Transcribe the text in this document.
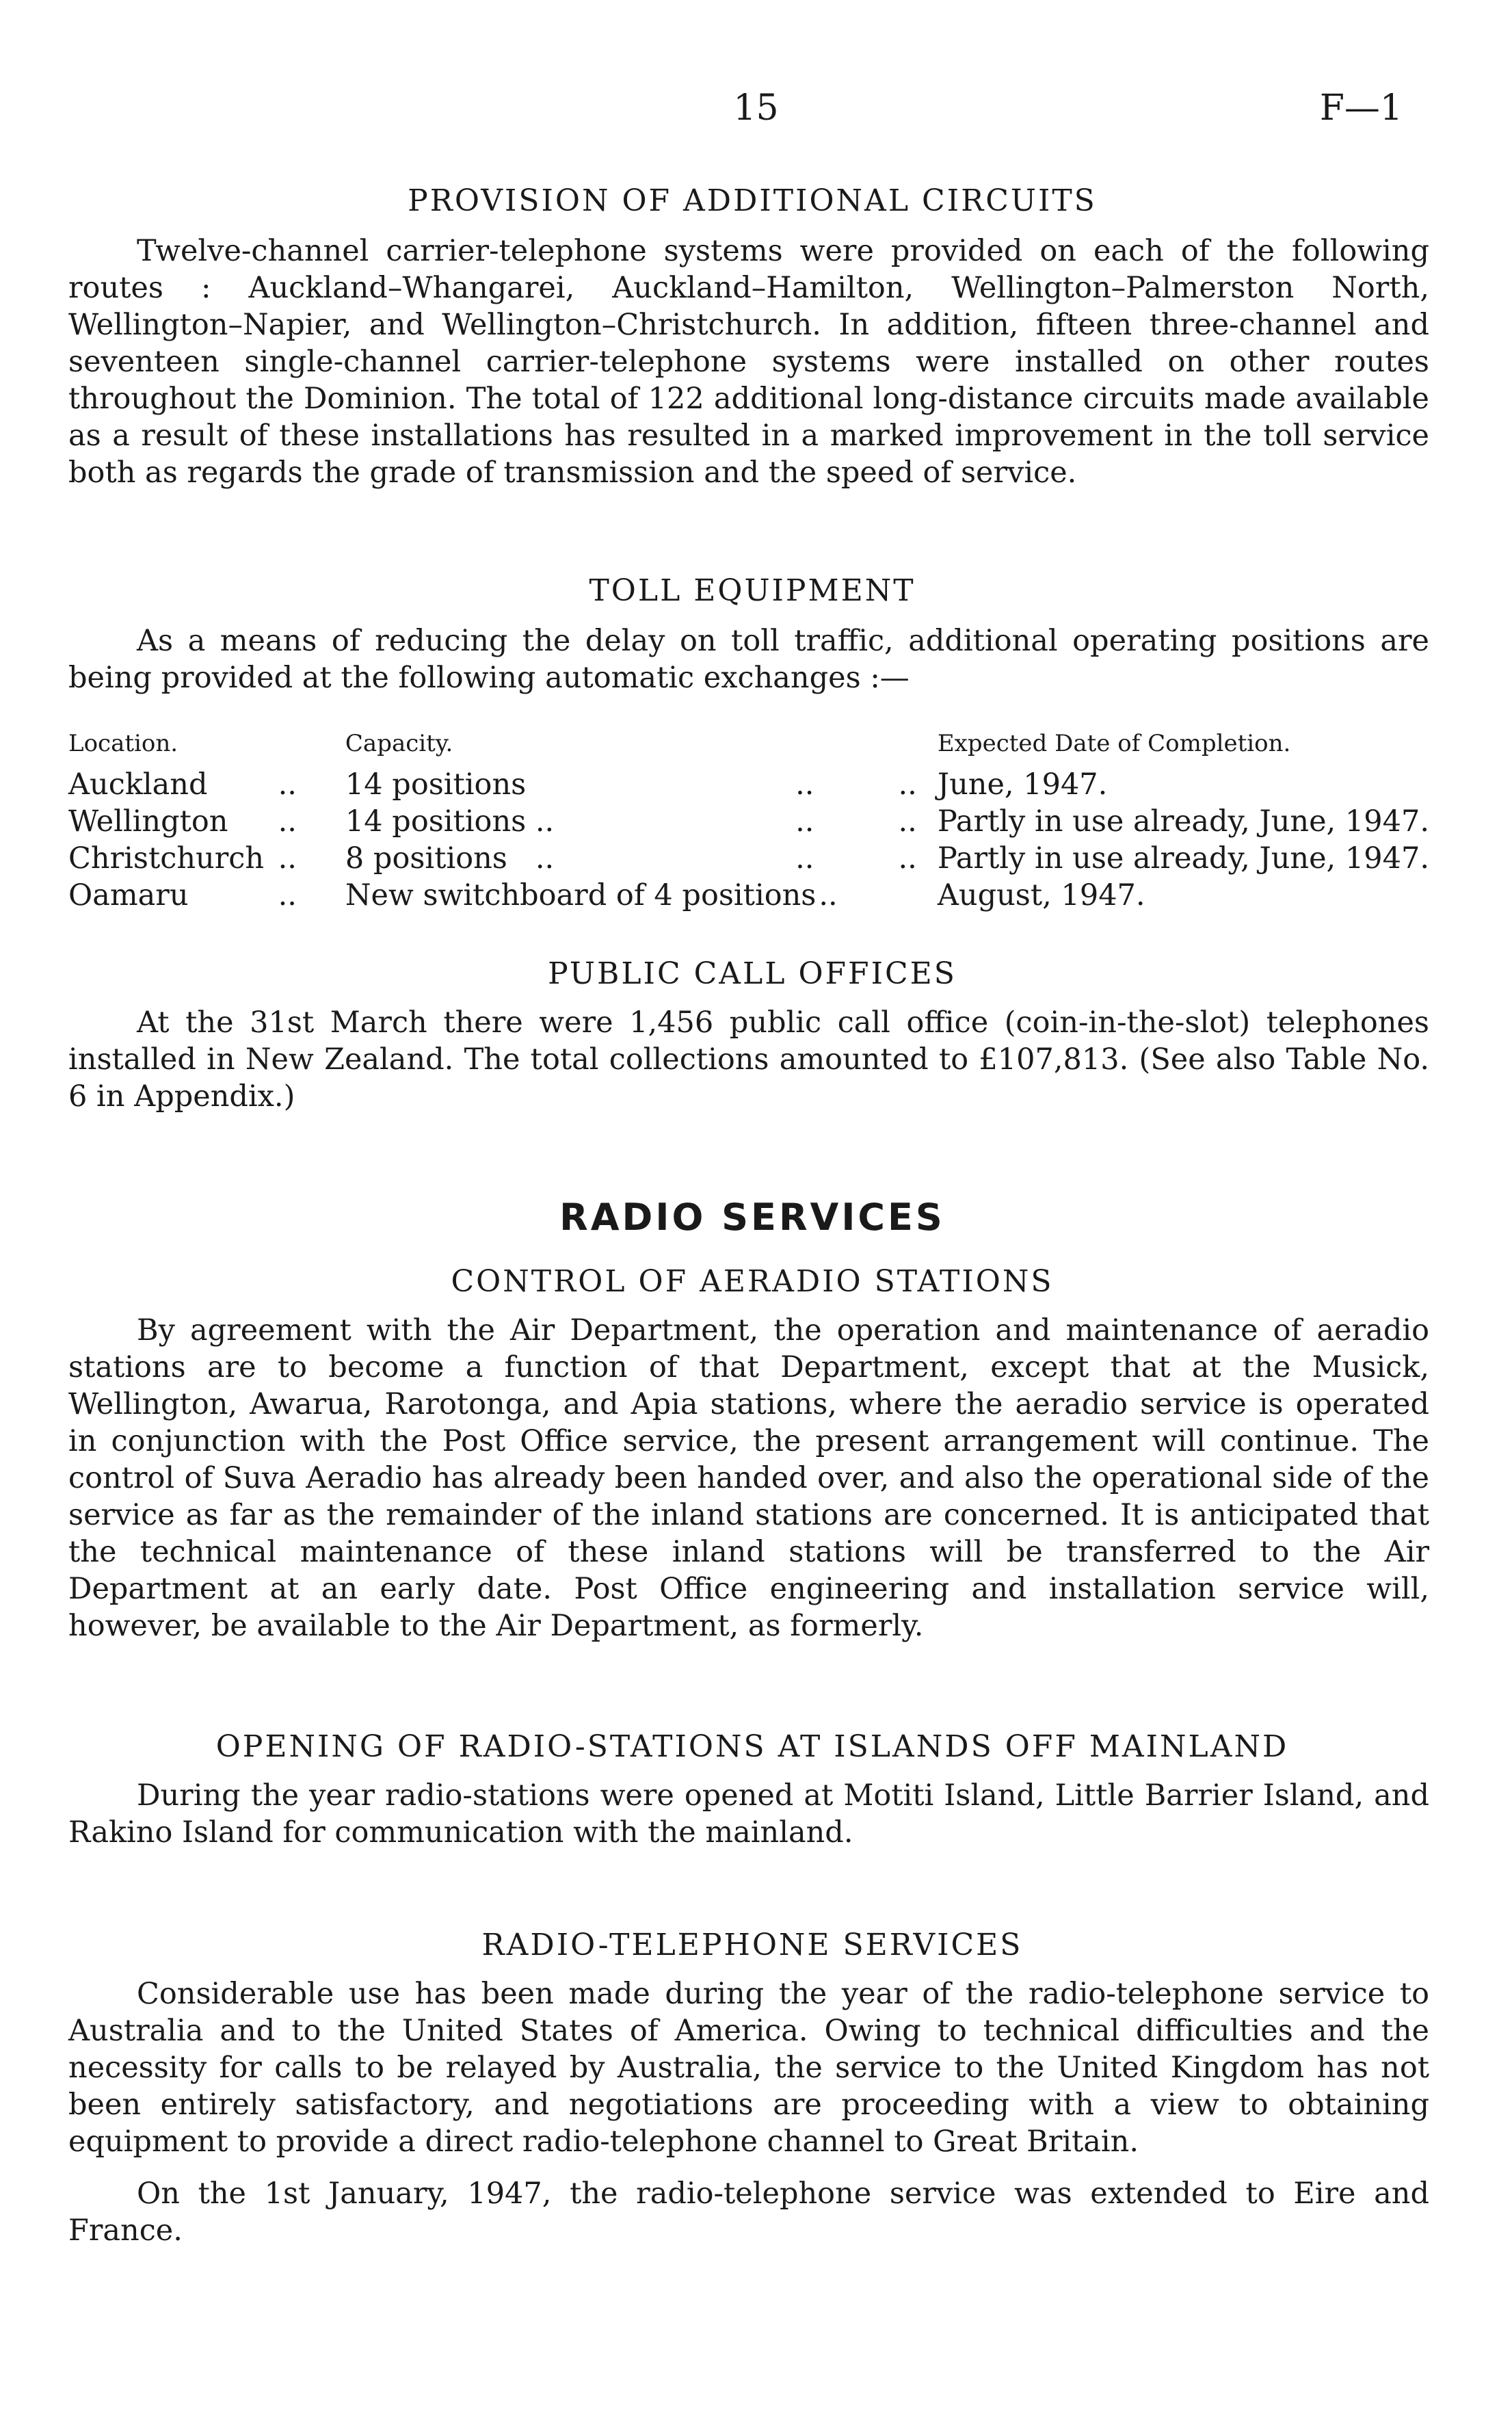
15	F—1
PROVISION OF ADDITIONAL CIRCUITS

Twelve-channel carrier-telephone systems were provided on each of the following routes : Auckland–Whangarei, Auckland–Hamilton, Wellington–Palmerston North, Wellington–Napier, and Wellington–Christchurch. In addition, fifteen three-channel and seventeen single-channel carrier-telephone systems were installed on other routes throughout the Dominion. The total of 122 additional long-distance circuits made available as a result of these installations has resulted in a marked improvement in the toll service both as regards the grade of transmission and the speed of service.

TOLL EQUIPMENT

As a means of reducing the delay on toll traffic, additional operating positions are being provided at the following automatic exchanges :—

Location.		Capacity.	Expected Date of Completion.
Auckland	..	14 positions ..         ..	June, 1947.
Wellington	..	14 positions .. ..         ..	Partly in use already, June, 1947.
Christchurch	..	8 positions   .. ..         ..	Partly in use already, June, 1947.
Oamaru	..	New switchboard of 4 positions..	August, 1947.
PUBLIC CALL OFFICES

At the 31st March there were 1,456 public call office (coin-in-the-slot) telephones installed in New Zealand. The total collections amounted to £107,813. (See also Table No. 6 in Appendix.)

RADIO SERVICES
CONTROL OF AERADIO STATIONS

By agreement with the Air Department, the operation and maintenance of aeradio stations are to become a function of that Department, except that at the Musick, Wellington, Awarua, Rarotonga, and Apia stations, where the aeradio service is operated in conjunction with the Post Office service, the present arrangement will continue. The control of Suva Aeradio has already been handed over, and also the operational side of the service as far as the remainder of the inland stations are concerned. It is anticipated that the technical maintenance of these inland stations will be transferred to the Air Department at an early date. Post Office engineering and installation service will, however, be available to the Air Department, as formerly.

OPENING OF RADIO-STATIONS AT ISLANDS OFF MAINLAND

During the year radio-stations were opened at Motiti Island, Little Barrier Island, and Rakino Island for communication with the mainland.

RADIO-TELEPHONE SERVICES

Considerable use has been made during the year of the radio-telephone service to Australia and to the United States of America. Owing to technical difficulties and the necessity for calls to be relayed by Australia, the service to the United Kingdom has not been entirely satisfactory, and negotiations are proceeding with a view to obtaining equipment to provide a direct radio-telephone channel to Great Britain.

On the 1st January, 1947, the radio-telephone service was extended to Eire and France.
